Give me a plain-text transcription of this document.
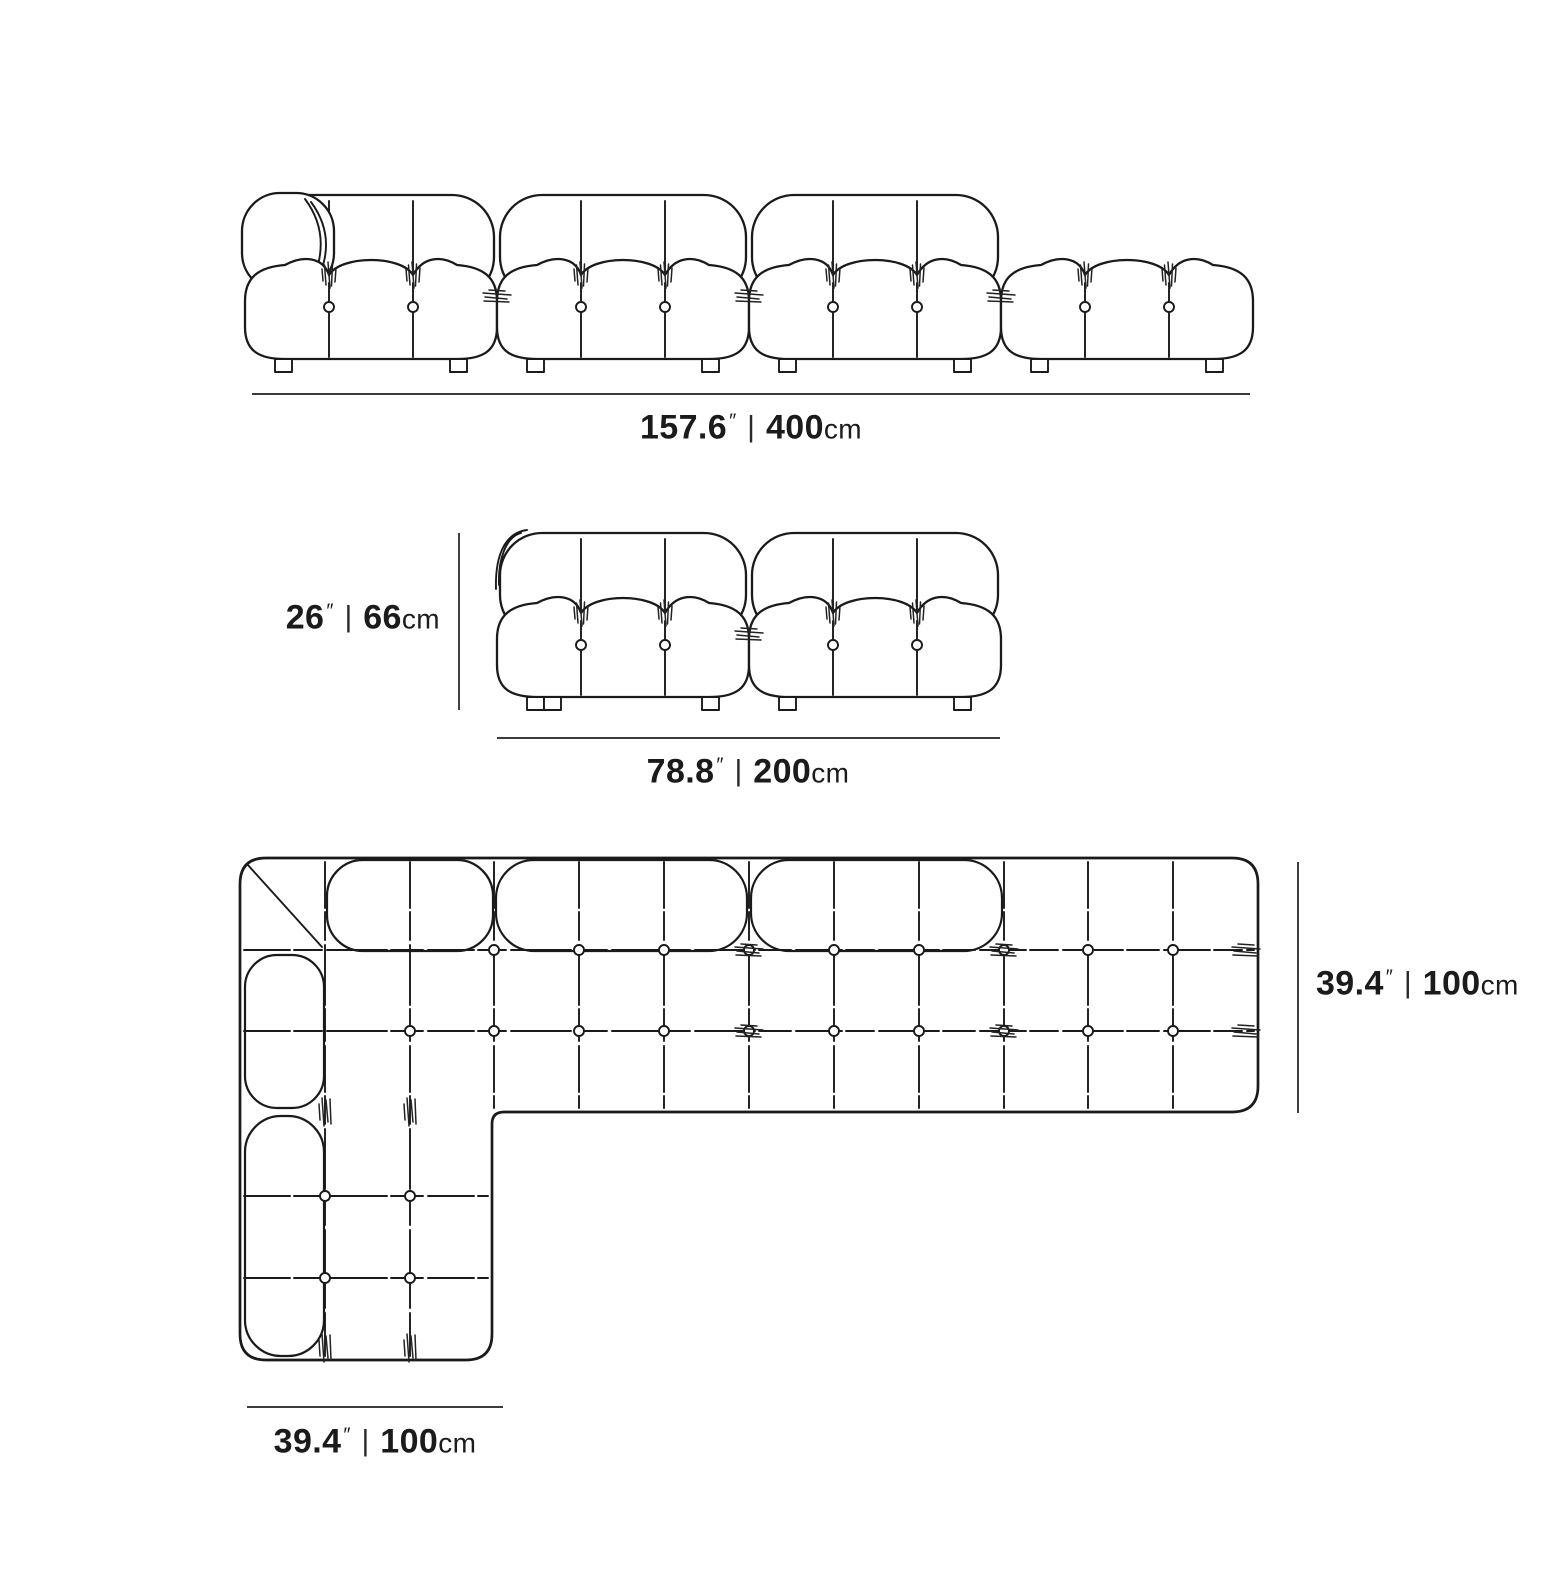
157.6 ″ | 400 cm
26 ″ | 66 cm
78.8 ″ | 200 cm
39.4 ″ | 100 cm
39.4 ″ | 100 cm
